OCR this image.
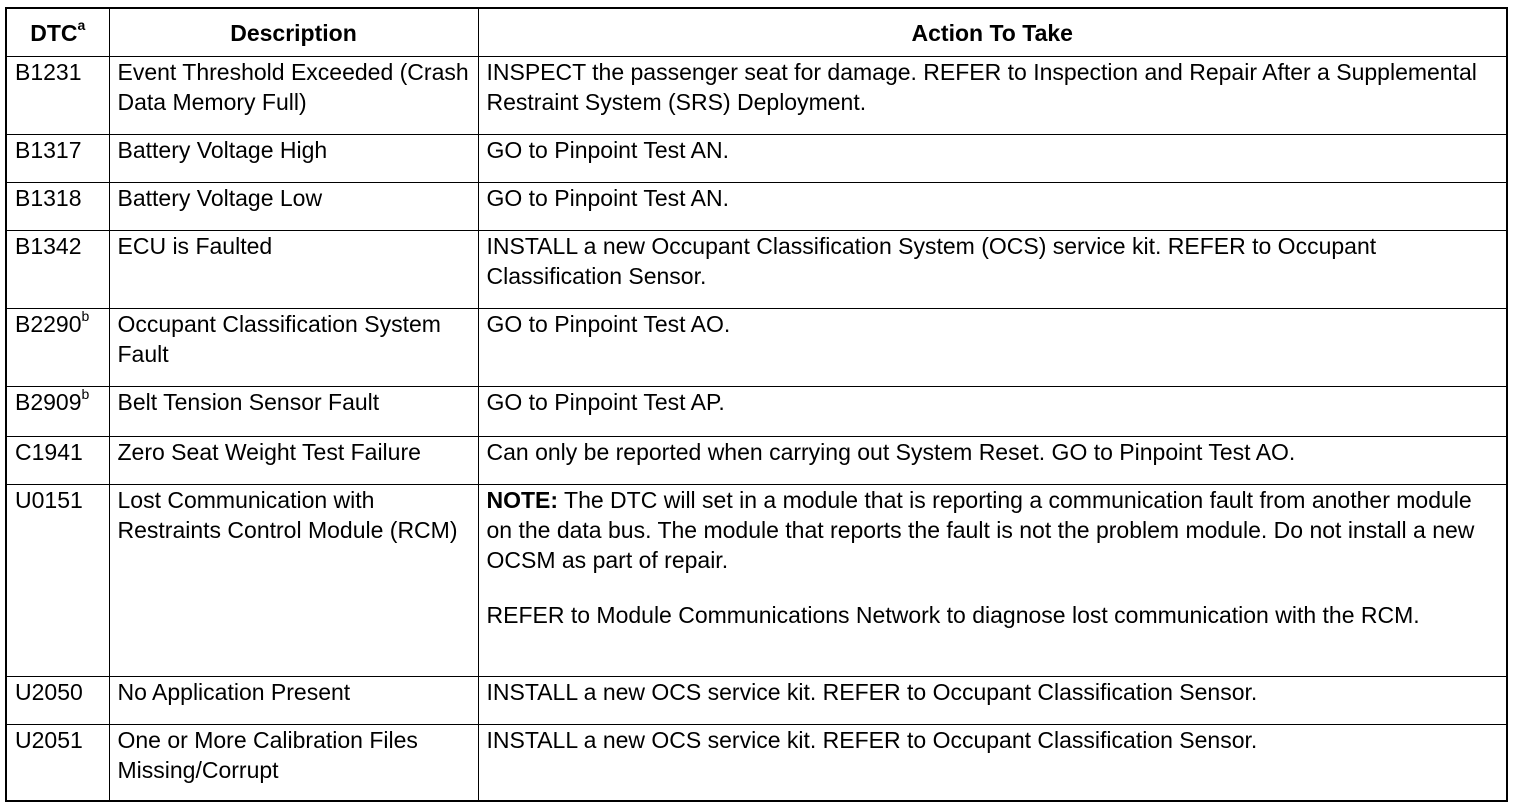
DTC$^a$	Description	Action To Take
B1231	Event Threshold Exceeded (Crash Data Memory Full)	INSPECT the passenger seat for damage. REFER to Inspection and Repair After a Supplemental Restraint System (SRS) Deployment.
B1317	Battery Voltage High	GO to Pinpoint Test AN.
B1318	Battery Voltage Low	GO to Pinpoint Test AN.
B1342	ECU is Faulted	INSTALL a new Occupant Classification System (OCS) service kit. REFER to Occupant Classification Sensor.
B2290$^b$	Occupant Classification System Fault	GO to Pinpoint Test AO.
B2909$^b$	Belt Tension Sensor Fault	GO to Pinpoint Test AP.
C1941	Zero Seat Weight Test Failure	Can only be reported when carrying out System Reset. GO to Pinpoint Test AO.
U0151	Lost Communication with Restraints Control Module (RCM)	NOTE: The DTC will set in a module that is reporting a communication fault from another module on the data bus. The module that reports the fault is not the problem module. Do not install a new OCSM as part of repair.

REFER to Module Communications Network to diagnose lost communication with the RCM.

U2050	No Application Present	INSTALL a new OCS service kit. REFER to Occupant Classification Sensor.
U2051	One or More Calibration Files Missing/Corrupt	INSTALL a new OCS service kit. REFER to Occupant Classification Sensor.
